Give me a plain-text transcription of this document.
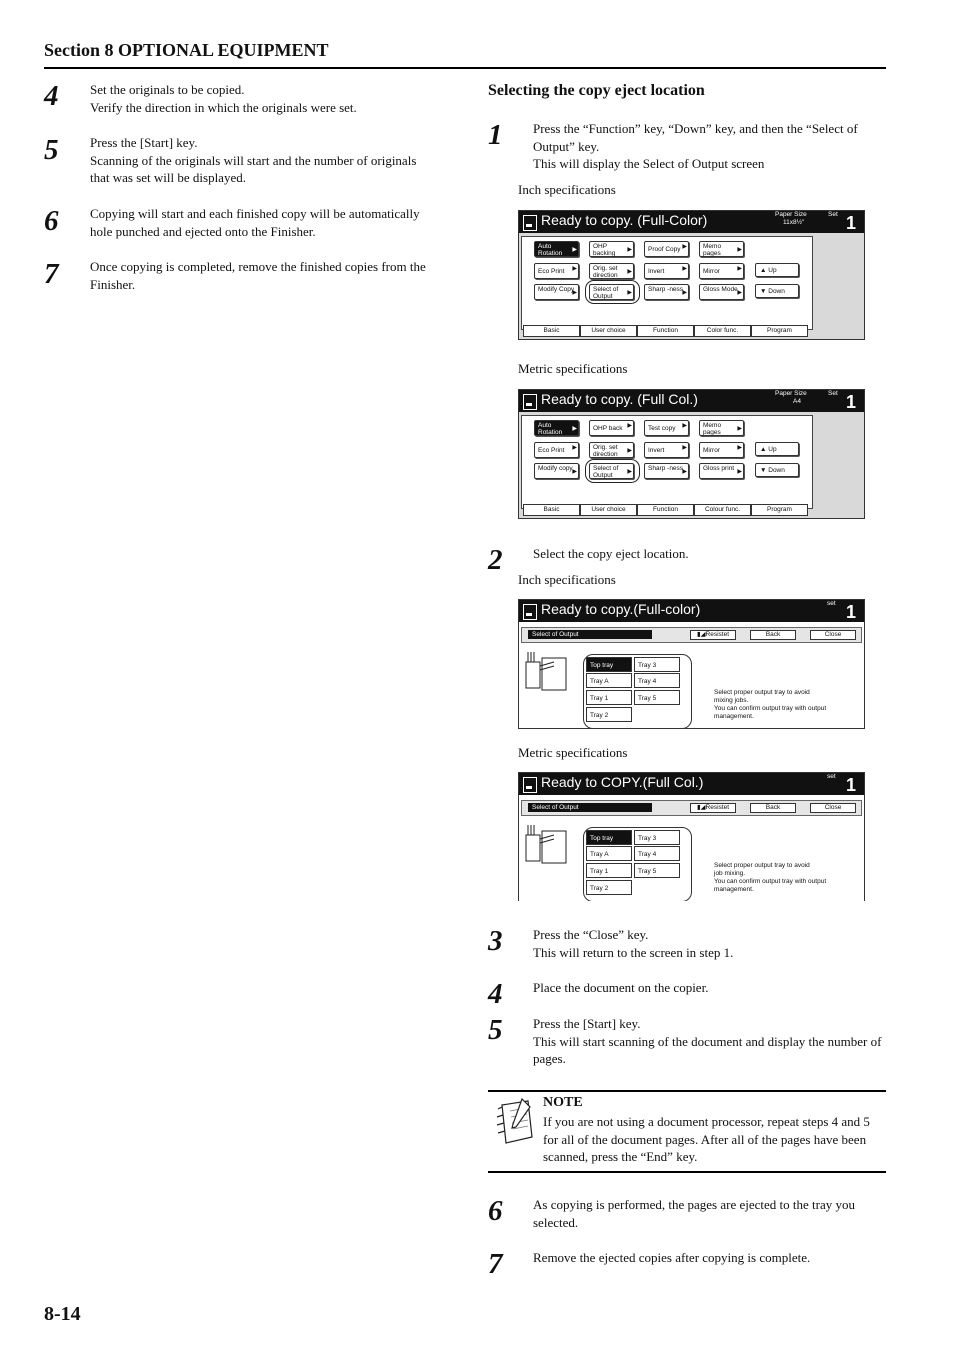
Section 8 OPTIONAL EQUIPMENT
4 Set the originals to be copied.
Verify the direction in which the originals were set.
5 Press the [Start] key.
Scanning of the originals will start and the number of originals that was set will be displayed.
6 Copying will start and each finished copy will be automatically hole punched and ejected onto the Finisher.
7 Once copying is completed, remove the finished copies from the Finisher.
Selecting the copy eject location
1 Press the “Function” key, “Down” key, and then the “Select of Output” key.
This will display the Select of Output screen
Inch specifications
Ready to copy. (Full-Color)	Paper Size	Set
11x8½" 1
Auto Rotation ▶	OHP backing ▶	Proof Copy ▶	Memo pages	▶
Eco Print ▶	Orig. set direction ▶	Invert	▶	Mirror	▶
Modify Copy
▶	Select of Output ▶	Sharp -ness ▶	Gloss Mode ▶
▲ Up
▼ Down
Basic	User choice	Function	Color func.	Program
Metric specifications
Ready to copy. (Full Col.)	Paper Size	Set
A4	1
Auto Rotation ▶	OHP back ▶	Test copy ▶	Memo pages	▶
Eco Print ▶	Orig. set direction ▶	Invert	▶	Mirror	▶
Modify copy ▶	Select of Output ▶	Sharp -ness ▶	Gloss print ▶
▲ Up
▼ Down
Basic	User choice	Function	Colour func.	Program
2 Select the copy eject location.
Inch specifications
Ready to copy.(Full-color)	set 1
Select of Output	▮◢Resistet	Back	Close
Top tray
Tray A
Tray 1
Tray 2
Tray 3
Tray 4
Tray 5
Select proper output tray to avoid
mixing jobs.
You can confirm output tray with output
management.
Metric specifications
Ready to COPY.(Full Col.)	set 1
Select of Output	▮◢Resistet	Back	Close
Top tray
Tray A
Tray 1
Tray 2
Tray 3
Tray 4
Tray 5
Select proper output tray to avoid
job mixing.
You can confirm output tray with output
management.
3 Press the “Close” key.
This will return to the screen in step 1.
4 Place the document on the copier.
5 Press the [Start] key.
This will start scanning of the document and display the number of pages.
NOTE
If you are not using a document processor, repeat steps 4 and 5 for all of the document pages. After all of the pages have been scanned, press the “End” key.
6 As copying is performed, the pages are ejected to the tray you selected.
7 Remove the ejected copies after copying is complete.
8-14
